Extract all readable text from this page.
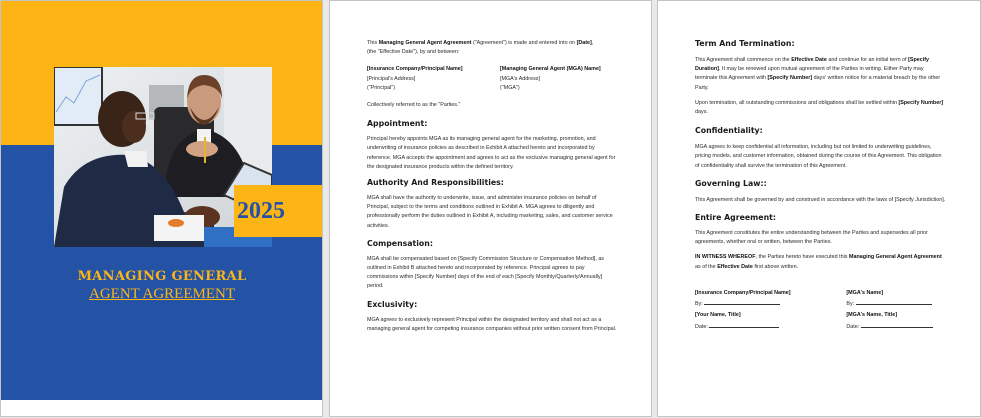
2025
MANAGING GENERAL
AGENT AGREEMENT
This Managing General Agent Agreement ("Agreement") is made and entered into on [Date],
(the "Effective Date"), by and between:
[Insurance Company/Principal Name]
[Principal's Address]
("Principal")
[Managing General Agent (MGA) Name]
[MGA's Address]
("MGA")
Collectively referred to as the "Parties."
Appointment:
Principal hereby appoints MGA as its managing general agent for the marketing, promotion, and underwriting of insurance policies as described in Exhibit A attached hereto and incorporated by reference. MGA accepts the appointment and agrees to act as the exclusive managing general agent for the designated insurance products within the defined territory.
Authority And Responsibilities:
MGA shall have the authority to underwrite, issue, and administer insurance policies on behalf of Principal, subject to the terms and conditions outlined in Exhibit A. MGA agrees to diligently and professionally perform the duties outlined in Exhibit A, including marketing, sales, and customer service activities.
Compensation:
MGA shall be compensated based on [Specify Commission Structure or Compensation Method], as outlined in Exhibit B attached hereto and incorporated by reference. Principal agrees to pay commissions within [Specify Number] days of the end of each [Specify Monthly/Quarterly/Annually] period.
Exclusivity:
MGA agrees to exclusively represent Principal within the designated territory and shall not act as a managing general agent for competing insurance companies without prior written consent from Principal.
Term And Termination:
This Agreement shall commence on the Effective Date and continue for an initial term of [Specify Duration]. It may be renewed upon mutual agreement of the Parties in writing. Either Party may terminate this Agreement with [Specify Number] days' written notice for a material breach by the other Party.
Upon termination, all outstanding commissions and obligations shall be settled within [Specify Number] days.
Confidentiality:
MGA agrees to keep confidential all information, including but not limited to underwriting guidelines, pricing models, and customer information, obtained during the course of this Agreement. This obligation of confidentiality shall survive the termination of this Agreement.
Governing Law::
This Agreement shall be governed by and construed in accordance with the laws of [Specify Jurisdiction].
Entire Agreement:
This Agreement constitutes the entire understanding between the Parties and supersedes all prior agreements, whether oral or written, between the Parties.
IN WITNESS WHEREOF, the Parties hereto have executed this Managing General Agent Agreement as of the Effective Date first above written.
[Insurance Company/Principal Name]
By:
[Your Name, Title]
Date:
[MGA's Name]
By:
[MGA's Name, Title]
Date:
